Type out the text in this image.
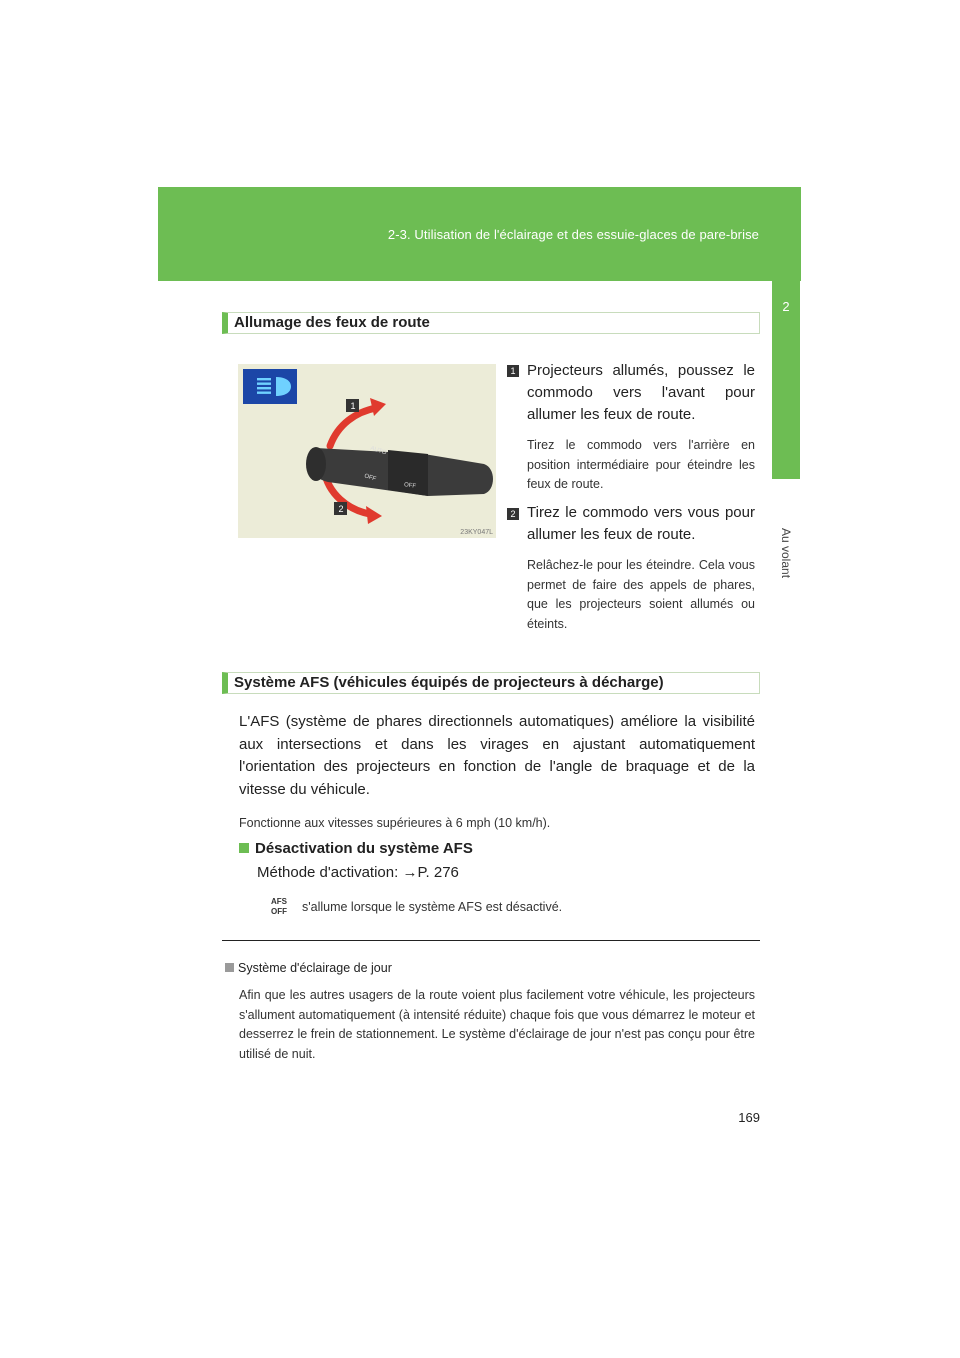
2-3. Utilisation de l'éclairage et des essuie-glaces de pare-brise
2
Au volant
Allumage des feux de route
1
2
AUTO
OFF
OFF
23KY047L
1 Projecteurs allumés, poussez le commodo vers l'avant pour allumer les feux de route.
Tirez le commodo vers l'arrière en position intermédiaire pour éteindre les feux de route.
2 Tirez le commodo vers vous pour allumer les feux de route.
Relâchez-le pour les éteindre. Cela vous permet de faire des appels de phares, que les projecteurs soient allumés ou éteints.
Système AFS (véhicules équipés de projecteurs à décharge)
L'AFS (système de phares directionnels automatiques) améliore la visibilité aux intersections et dans les virages en ajustant automatiquement l'orientation des projecteurs en fonction de l'angle de braquage et de la vitesse du véhicule.
Fonctionne aux vitesses supérieures à 6 mph (10 km/h).
Désactivation du système AFS
Méthode d'activation: →P. 276
AFS
OFF	s'allume lorsque le système AFS est désactivé.
Système d'éclairage de jour
Afin que les autres usagers de la route voient plus facilement votre véhicule, les projecteurs s'allument automatiquement (à intensité réduite) chaque fois que vous démarrez le moteur et desserrez le frein de stationnement. Le système d'éclairage de jour n'est pas conçu pour être utilisé de nuit.
169
